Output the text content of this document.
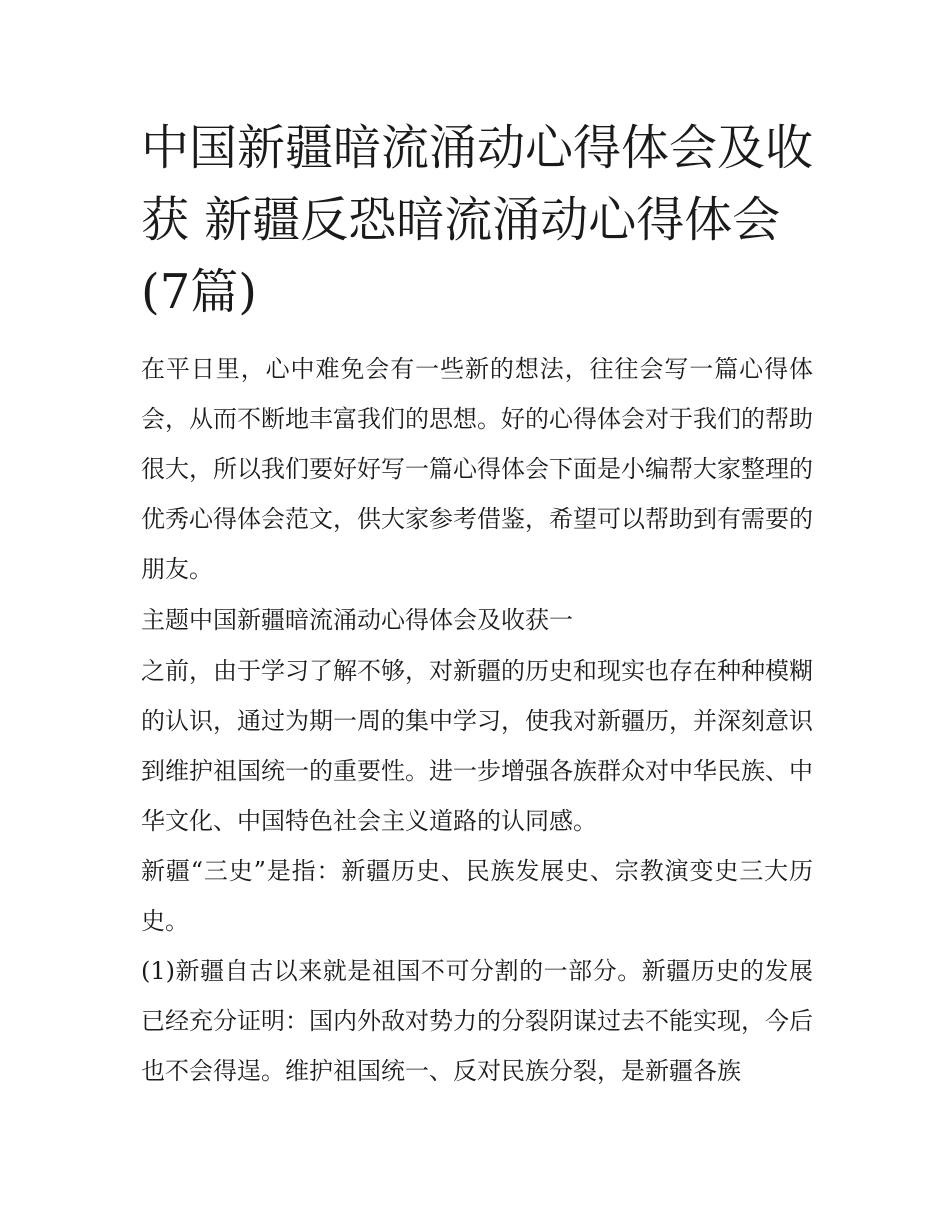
中国新疆暗流涌动心得体会及收获 新疆反恐暗流涌动心得体会(7篇)

在平日里，心中难免会有一些新的想法，往往会写一篇心得体会，从而不断地丰富我们的思想。好的心得体会对于我们的帮助很大，所以我们要好好写一篇心得体会下面是小编帮大家整理的优秀心得体会范文，供大家参考借鉴，希望可以帮助到有需要的朋友。

主题中国新疆暗流涌动心得体会及收获一

之前，由于学习了解不够，对新疆的历史和现实也存在种种模糊的认识，通过为期一周的集中学习，使我对新疆历，并深刻意识到维护祖国统一的重要性。进一步增强各族群众对中华民族、中华文化、中国特色社会主义道路的认同感。

新疆“三史”是指：新疆历史、民族发展史、宗教演变史三大历史。

(1)新疆自古以来就是祖国不可分割的一部分。新疆历史的发展已经充分证明：国内外敌对势力的分裂阴谋过去不能实现，今后也不会得逞。维护祖国统一、反对民族分裂，是新疆各族
